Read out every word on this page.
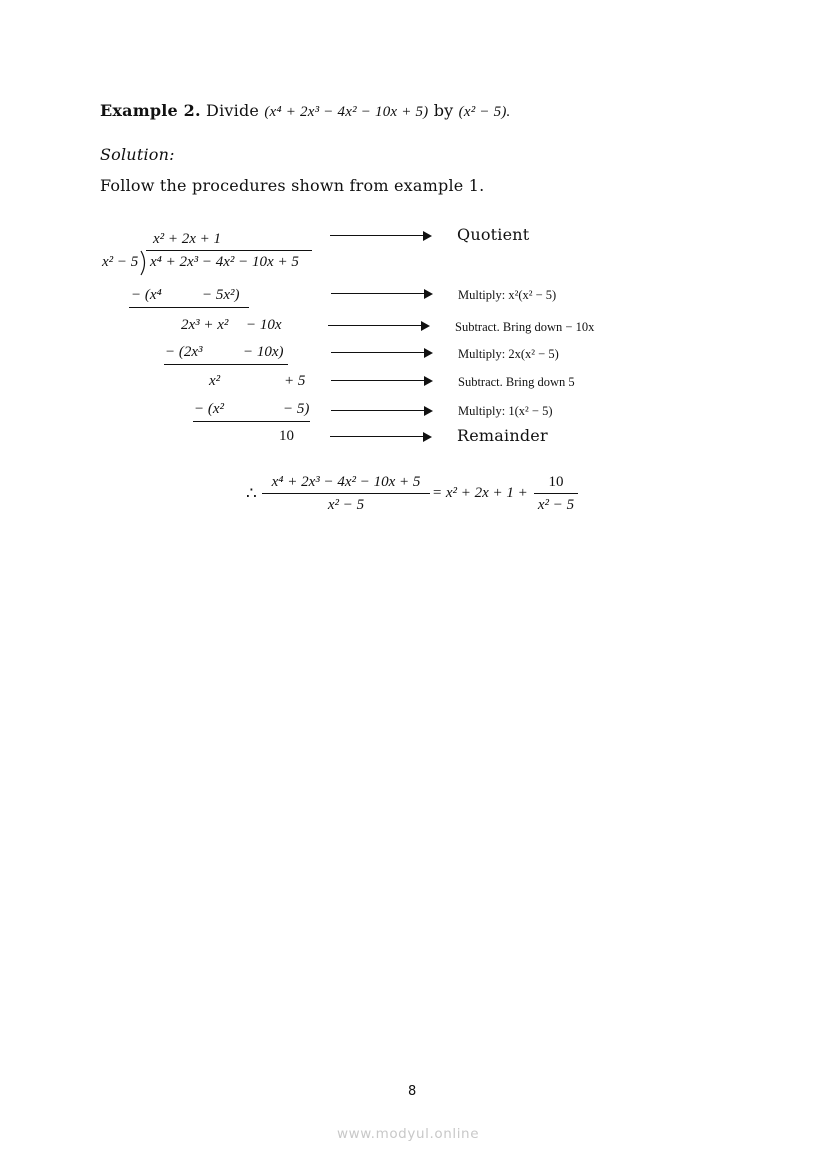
Example 2. Divide (x⁴ + 2x³ − 4x² − 10x + 5) by (x² − 5).
Solution:
Follow the procedures shown from example 1.
x² + 2x + 1
x² − 5 x⁴ + 2x³ − 4x² − 10x + 5
− (x⁴	− 5x²)
2x³ + x² − 10x
− (2x³	− 10x)
x²	+ 5
− (x²	− 5)
10
Quotient
Multiply: x²(x² − 5)
Subtract. Bring down − 10x
Multiply: 2x(x² − 5)
Subtract. Bring down 5
Multiply: 1(x² − 5)
Remainder
∴
x⁴ + 2x³ − 4x² − 10x + 5
x² − 5
= x² + 2x + 1 +
10
x² − 5
8
www.modyul.online
